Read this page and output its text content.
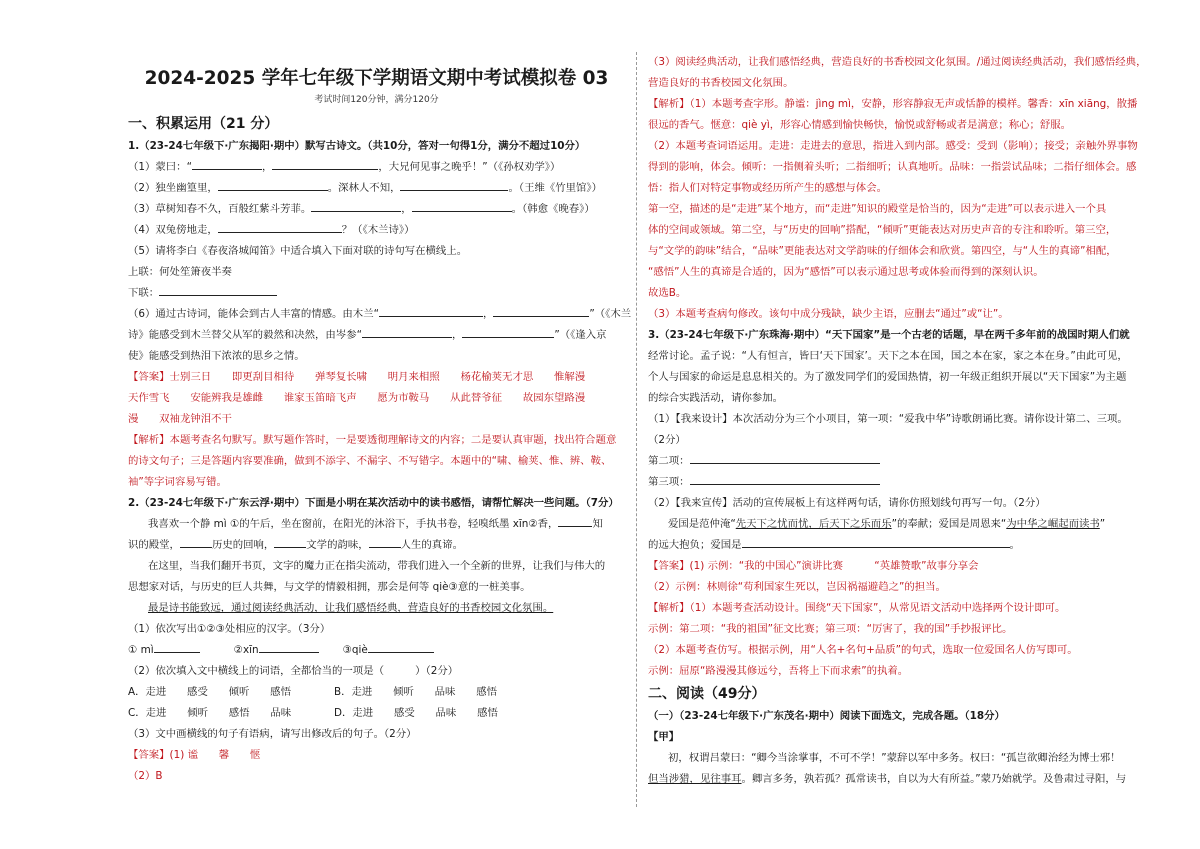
2024-2025 学年七年级下学期语文期中考试模拟卷 03
考试时间120分钟，满分120分
一、积累运用（21 分）
1.（23-24七年级下·广东揭阳·期中）默写古诗文。（共10分，答对一句得1分，满分不超过10分）
（1）蒙曰：“	，	，大兄何见事之晚乎！”（《孙权劝学》）
（2）独坐幽篁里，	。深林人不知，	。（王维《竹里馆》）
（3）草树知春不久，百般红紫斗芳菲。	，	。（韩愈《晚春》）
（4）双兔傍地走，	？（《木兰诗》）
（5）请将李白《春夜洛城闻笛》中适合填入下面对联的诗句写在横线上。
上联：何处笙箫夜半奏
下联：
（6）通过古诗词，能体会到古人丰富的情感。由木兰“	，	”（《木兰
诗》能感受到木兰替父从军的毅然和决然，由岑参“	，	”（《逢入京
使》能感受到热泪下浓浓的思乡之情。
【答案】士别三日　　即更刮目相待　　弹琴复长啸　　明月来相照　　杨花榆荚无才思　　惟解漫
天作雪飞　　安能辨我是雄雌　　谁家玉笛暗飞声　　愿为市鞍马　　从此替爷征　　故园东望路漫
漫　　双袖龙钟泪不干
【解析】本题考查名句默写。默写题作答时，一是要透彻理解诗文的内容；二是要认真审题，找出符合题意
的诗文句子；三是答题内容要准确，做到不添字、不漏字、不写错字。本题中的“啸、榆荚、惟、辨、鞍、
袖”等字词容易写错。
2.（23-24七年级下·广东云浮·期中）下面是小明在某次活动中的读书感悟，请帮忙解决一些问题。（7分）
我喜欢一个静 mì ①的午后，坐在窗前，在阳光的沐浴下，手执书卷，轻嗅纸墨 xīn②香，	知
识的殿堂，	历史的回响，	文学的韵味，	人生的真谛。
在这里，当我们翻开书页，文字的魔力正在指尖流动，带我们进入一个全新的世界，让我们与伟大的
思想家对话，与历史的巨人共舞，与文学的情毅相拥，那会是何等 qiè③意的一桩美事。
最是诗书能致远，通过阅读经典活动，让我们感悟经典，营造良好的书香校园文化氛围。
（1）依次写出①②③处相应的汉字。（3分）
① mì	②xīn	③qiè
（2）依次填入文中横线上的词语，全都恰当的一项是（　　　）（2分）
A．走进　　感受　　倾听　　感悟	B．走进　　倾听　　品味　　感悟
C．走进　　倾听　　感悟　　品味	D．走进　　感受　　品味　　感悟
（3）文中画横线的句子有语病，请写出修改后的句子。（2分）
【答案】(1) 谧　　馨　　惬
（2）B
（3）阅读经典活动，让我们感悟经典，营造良好的书香校园文化氛围。/通过阅读经典活动，我们感悟经典，
营造良好的书香校园文化氛围。
【解析】（1）本题考查字形。静谧：jìng mì，安静，形容静寂无声或恬静的模样。馨香：xīn xiāng，散播
很远的香气。惬意：qiè yì，形容心情感到愉快畅快，愉悦或舒畅或者是满意；称心；舒服。
（2）本题考查词语运用。走进：走进去的意思，指进入到内部。感受：受到（影响）；接受；亲触外界事物
得到的影响，体会。倾听：一指侧着头听；二指细听；认真地听。品味：一指尝试品味；二指仔细体会。感
悟：指人们对特定事物或经历所产生的感想与体会。
第一空，描述的是“走进”某个地方，而“走进”知识的殿堂是恰当的，因为“走进”可以表示进入一个具
体的空间或领域。第二空，与“历史的回响”搭配，“倾听”更能表达对历史声音的专注和聆听。第三空，
与“文学的韵味”结合，“品味”更能表达对文学韵味的仔细体会和欣赏。第四空，与“人生的真谛”相配，
“感悟”人生的真谛是合适的，因为“感悟”可以表示通过思考或体验而得到的深刻认识。
故选B。
（3）本题考查病句修改。该句中成分残缺，缺少主语，应删去“通过”或“让”。
3.（23-24七年级下·广东珠海·期中）“天下国家”是一个古老的话题，早在两千多年前的战国时期人们就
经常讨论。孟子说：“人有恒言，皆曰‘天下国家’。天下之本在国，国之本在家，家之本在身。”由此可见，
个人与国家的命运是息息相关的。为了激发同学们的爱国热情，初一年级正组织开展以“天下国家”为主题
的综合实践活动，请你参加。
（1）【我来设计】本次活动分为三个小项目，第一项：“爱我中华”诗歌朗诵比赛。请你设计第二、三项。
（2分）
第二项：
第三项：
（2）【我来宣传】活动的宣传展板上有这样两句话，请你仿照划线句再写一句。（2分）
爱国是范仲淹“先天下之忧而忧，后天下之乐而乐”的奉献；爱国是周恩来“为中华之崛起而读书”
的远大抱负；爱国是	。
【答案】(1) 示例：“我的中国心”演讲比赛　　　“英雄赞歌”故事分享会
（2）示例：林则徐“苟利国家生死以，岂因祸福避趋之”的担当。
【解析】（1）本题考查活动设计。围绕“天下国家”，从常见语文活动中选择两个设计即可。
示例：第二项：“我的祖国”征文比赛；第三项：“厉害了，我的国”手抄报评比。
（2）本题考查仿写。根据示例，用“人名+名句+品质”的句式，选取一位爱国名人仿写即可。
示例：屈原“路漫漫其修远兮，吾将上下而求索”的执着。
二、阅读（49分）
（一）（23-24七年级下·广东茂名·期中）阅读下面选文，完成各题。（18分）
【甲】
初，权谓吕蒙曰：“卿今当涂掌事，不可不学！”蒙辞以军中多务。权曰：“孤岂欲卿治经为博士邪！
但当涉猎，见往事耳。卿言多务，孰若孤？孤常读书，自以为大有所益。”蒙乃始就学。及鲁肃过寻阳，与
